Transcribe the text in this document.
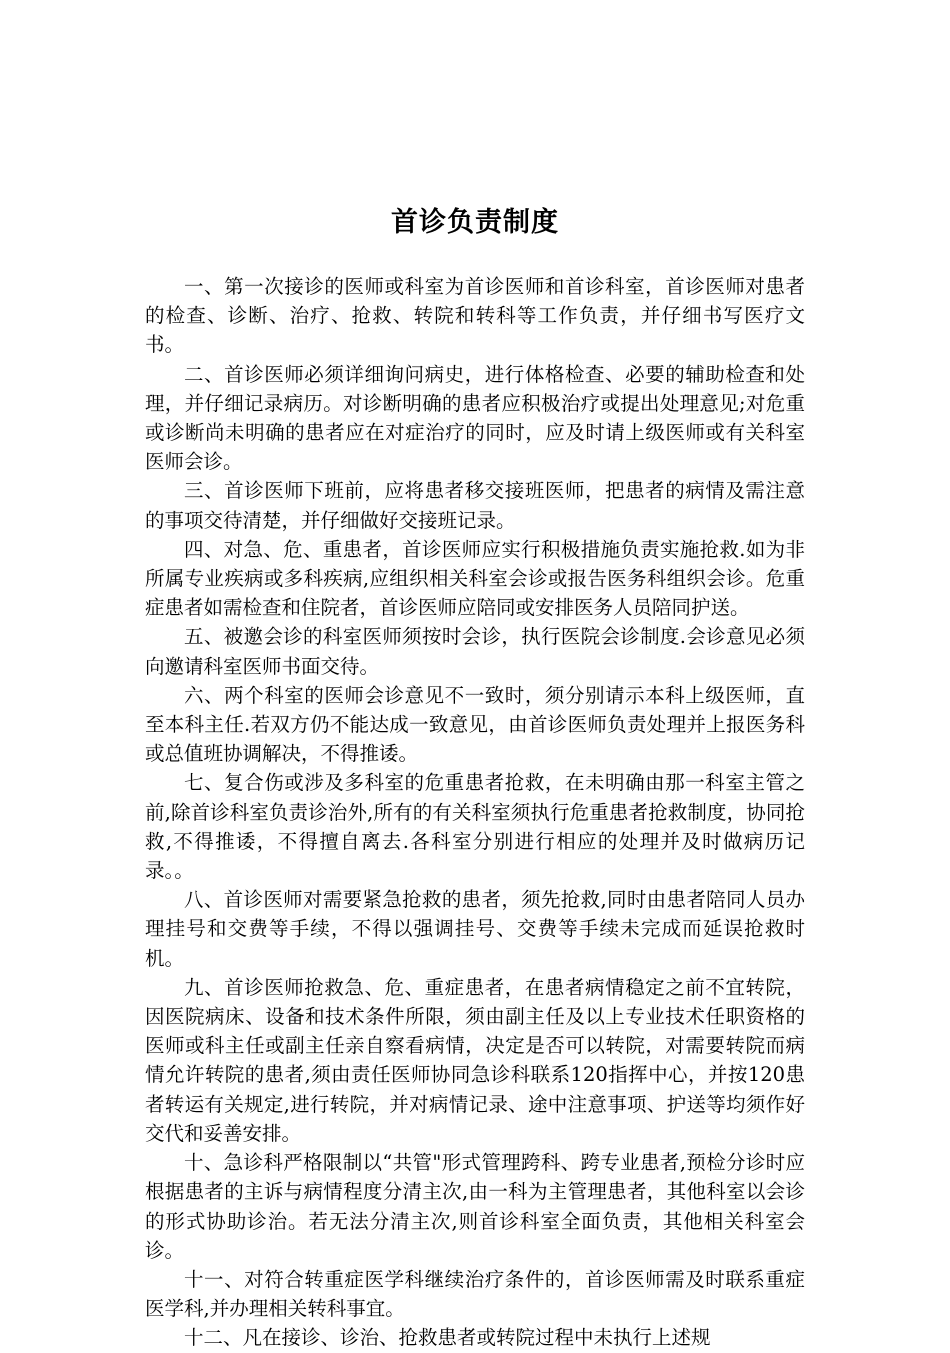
首诊负责制度

一、第一次接诊的医师或科室为首诊医师和首诊科室，首诊医师对患者的检查、诊断、治疗、抢救、转院和转科等工作负责，并仔细书写医疗文书。

二、首诊医师必须详细询问病史，进行体格检查、必要的辅助检查和处理，并仔细记录病历。对诊断明确的患者应积极治疗或提出处理意见;对危重或诊断尚未明确的患者应在对症治疗的同时，应及时请上级医师或有关科室医师会诊。

三、首诊医师下班前，应将患者移交接班医师，把患者的病情及需注意的事项交待清楚，并仔细做好交接班记录。

四、对急、危、重患者，首诊医师应实行积极措施负责实施抢救.如为非所属专业疾病或多科疾病,应组织相关科室会诊或报告医务科组织会诊。危重症患者如需检查和住院者，首诊医师应陪同或安排医务人员陪同护送。

五、被邀会诊的科室医师须按时会诊，执行医院会诊制度.会诊意见必须向邀请科室医师书面交待。

六、两个科室的医师会诊意见不一致时，须分别请示本科上级医师，直至本科主任.若双方仍不能达成一致意见，由首诊医师负责处理并上报医务科或总值班协调解决，不得推诿。

七、复合伤或涉及多科室的危重患者抢救，在未明确由那一科室主管之前,除首诊科室负责诊治外,所有的有关科室须执行危重患者抢救制度，协同抢救,不得推诿，不得擅自离去.各科室分别进行相应的处理并及时做病历记录。。

八、首诊医师对需要紧急抢救的患者，须先抢救,同时由患者陪同人员办理挂号和交费等手续，不得以强调挂号、交费等手续未完成而延误抢救时机。

九、首诊医师抢救急、危、重症患者，在患者病情稳定之前不宜转院，因医院病床、设备和技术条件所限，须由副主任及以上专业技术任职资格的医师或科主任或副主任亲自察看病情，决定是否可以转院，对需要转院而病情允许转院的患者,须由责任医师协同急诊科联系120指挥中心，并按120患者转运有关规定,进行转院，并对病情记录、途中注意事项、护送等均须作好交代和妥善安排。

十、急诊科严格限制以“共管"形式管理跨科、跨专业患者,预检分诊时应根据患者的主诉与病情程度分清主次,由一科为主管理患者，其他科室以会诊的形式协助诊治。若无法分清主次,则首诊科室全面负责，其他相关科室会诊。

十一、对符合转重症医学科继续治疗条件的，首诊医师需及时联系重症医学科,并办理相关转科事宜。

十二、凡在接诊、诊治、抢救患者或转院过程中未执行上述规
